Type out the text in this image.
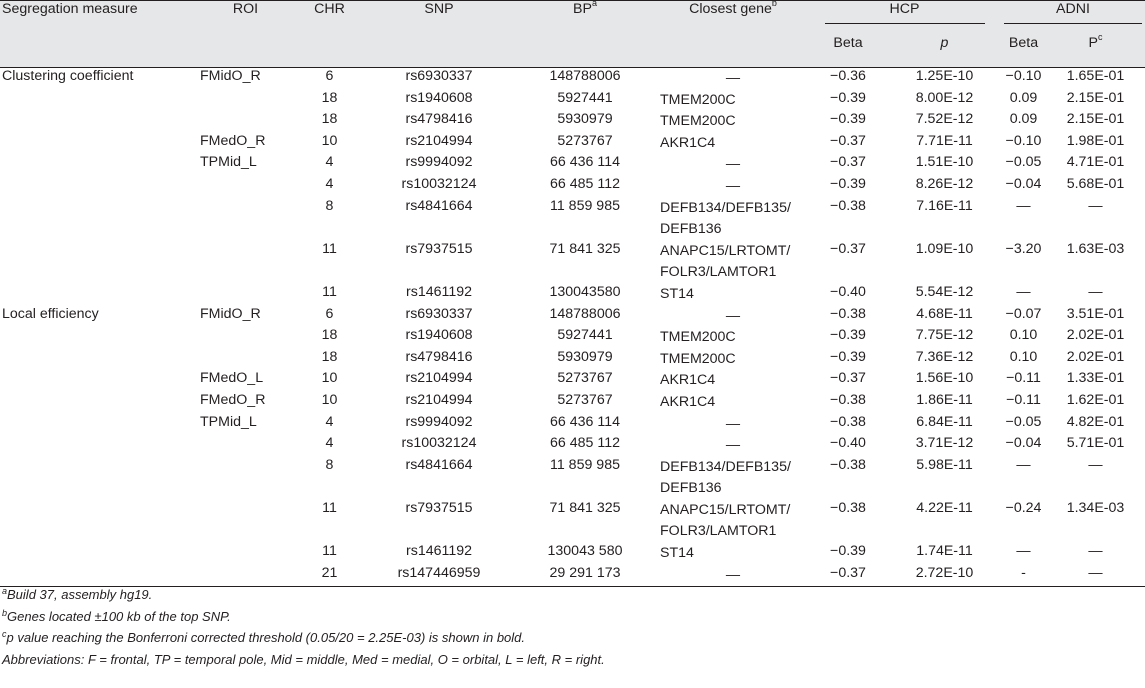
Segregation measure	ROI	CHR	SNP	$BP^a$	Closest gene$^b$	HCP		ADNI	
						Beta	p	Beta	$P^c$
Clustering coefficient	FMidO_R	6	rs6930337	148788006	—	−0.36	1.25E-10	−0.10	1.65E-01
		18	rs1940608	5927441	TMEM200C	−0.39	8.00E-12	0.09	2.15E-01
		18	rs4798416	5930979	TMEM200C	−0.39	7.52E-12	0.09	2.15E-01
	FMedO_R	10	rs2104994	5273767	AKR1C4	−0.37	7.71E-11	−0.10	1.98E-01
	TPMid_L	4	rs9994092	66 436 114	—	−0.37	1.51E-10	−0.05	4.71E-01
		4	rs10032124	66 485 112	—	−0.39	8.26E-12	−0.04	5.68E-01
		8	rs4841664	11 859 985	DEFB134/DEFB135/ DEFB136	−0.38	7.16E-11	—	—
		11	rs7937515	71 841 325	ANAPC15/LRTOMT/ FOLR3/LAMTOR1	−0.37	1.09E-10	−3.20	1.63E-03
		11	rs1461192	130043580	ST14	−0.40	5.54E-12	—	—
Local efficiency	FMidO_R	6	rs6930337	148788006	—	−0.38	4.68E-11	−0.07	3.51E-01
		18	rs1940608	5927441	TMEM200C	−0.39	7.75E-12	0.10	2.02E-01
		18	rs4798416	5930979	TMEM200C	−0.39	7.36E-12	0.10	2.02E-01
	FMedO_L	10	rs2104994	5273767	AKR1C4	−0.37	1.56E-10	−0.11	1.33E-01
	FMedO_R	10	rs2104994	5273767	AKR1C4	−0.38	1.86E-11	−0.11	1.62E-01
	TPMid_L	4	rs9994092	66 436 114	—	−0.38	6.84E-11	−0.05	4.82E-01
		4	rs10032124	66 485 112	—	−0.40	3.71E-12	−0.04	5.71E-01
		8	rs4841664	11 859 985	DEFB134/DEFB135/ DEFB136	−0.38	5.98E-11	—	—
		11	rs7937515	71 841 325	ANAPC15/LRTOMT/ FOLR3/LAMTOR1	−0.38	4.22E-11	−0.24	1.34E-03
		11	rs1461192	130043 580	ST14	−0.39	1.74E-11	—	—
		21	rs147446959	29 291 173	—	−0.37	2.72E-10	-	—
$^a$Build 37, assembly hg19.
$^b$Genes located ±100 kb of the top SNP.
$^c$p value reaching the Bonferroni corrected threshold (0.05/20 = 2.25E-03) is shown in bold.
Abbreviations: F = frontal, TP = temporal pole, Mid = middle, Med = medial, O = orbital, L = left, R = right.
